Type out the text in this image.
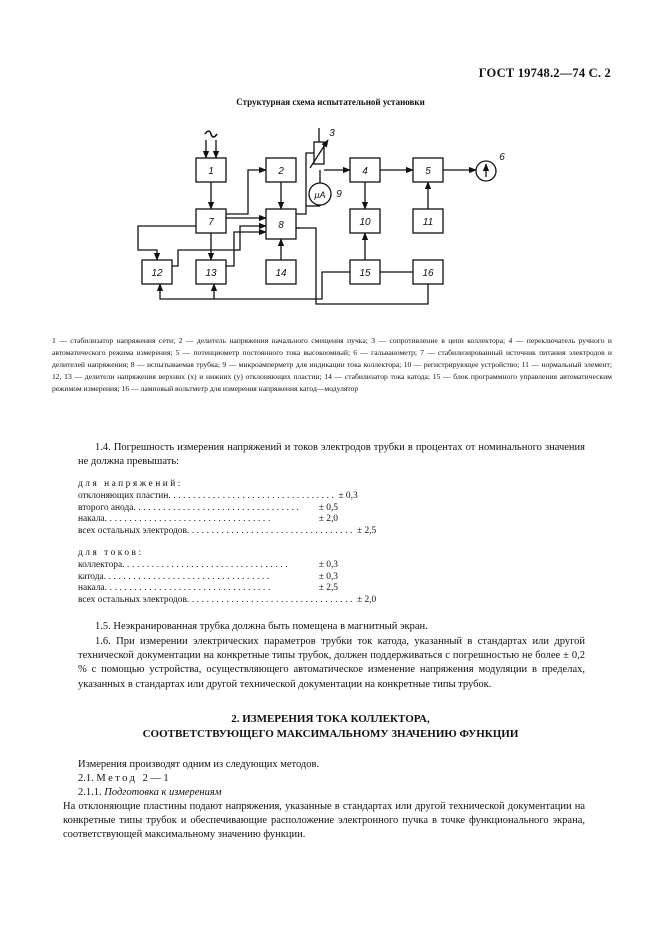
ГОСТ 19748.2—74 С. 2
Структурная схема испытательной установки
1	2
3
4	5
6
7	8
9
10	11
12	13	14	15	16
μА
1 — стабилизатор напряжения сети; 2 — делитель напряжения начального смещения пучка; 3 — сопротивление в цепи коллектора; 4 — переключатель ручного и автоматического режима измерения; 5 — потенциометр постоянного тока высокоомный; 6 — гальванометр; 7 — стабилизированный источник питания электродов и делителей напряжения; 8 — испытываемая трубка; 9 — микроамперметр для индикации тока коллектора; 10 — регистрирующее устройство; 11 — нормальный элемент; 12, 13 — делители напряжения верхних (x) и нижних (y) отклоняющих пластин; 14 — стабилизатор тока катода; 15 — блок программного управления автоматическим режимом измерения; 16 — ламповый вольтметр для измерения напряжения катод—модулятор
1.4. Погрешность измерения напряжений и токов электродов трубки в процентах от номинального значения не должна превышать:
для напряжений:
отклоняющих пластин .................................. ± 0,3
второго анода ..................................	± 0,5
накала ..................................	± 2,0
всех остальных электродов .................................. ± 2,5
для токов:
коллектора ..................................	± 0,3
катода ..................................	± 0,3
накала ..................................	± 2,5
всех остальных электродов .................................. ± 2,0
1.5. Неэкранированная трубка должна быть помещена в магнитный экран.
1.6. При измерении электрических параметров трубки ток катода, указанный в стандартах или другой технической документации на конкретные типы трубок, должен поддерживаться с погрешностью не более ± 0,2 % с помощью устройства, осуществляющего автоматическое изменение напряжения модуляции в пределах, указанных в стандартах или другой технической документации на конкретные типы трубок.
2. ИЗМЕРЕНИЯ ТОКА КОЛЛЕКТОРА,
СООТВЕТСТВУЮЩЕГО МАКСИМАЛЬНОМУ ЗНАЧЕНИЮ ФУНКЦИИ
Измерения производят одним из следующих методов.
2.1. Метод 2—1
2.1.1. Подготовка к измерениям
На отклоняющие пластины подают напряжения, указанные в стандартах или другой технической документации на конкретные типы трубок и обеспечивающие расположение электронного пучка в точке функционального экрана, соответствующей максимальному значению функции.
